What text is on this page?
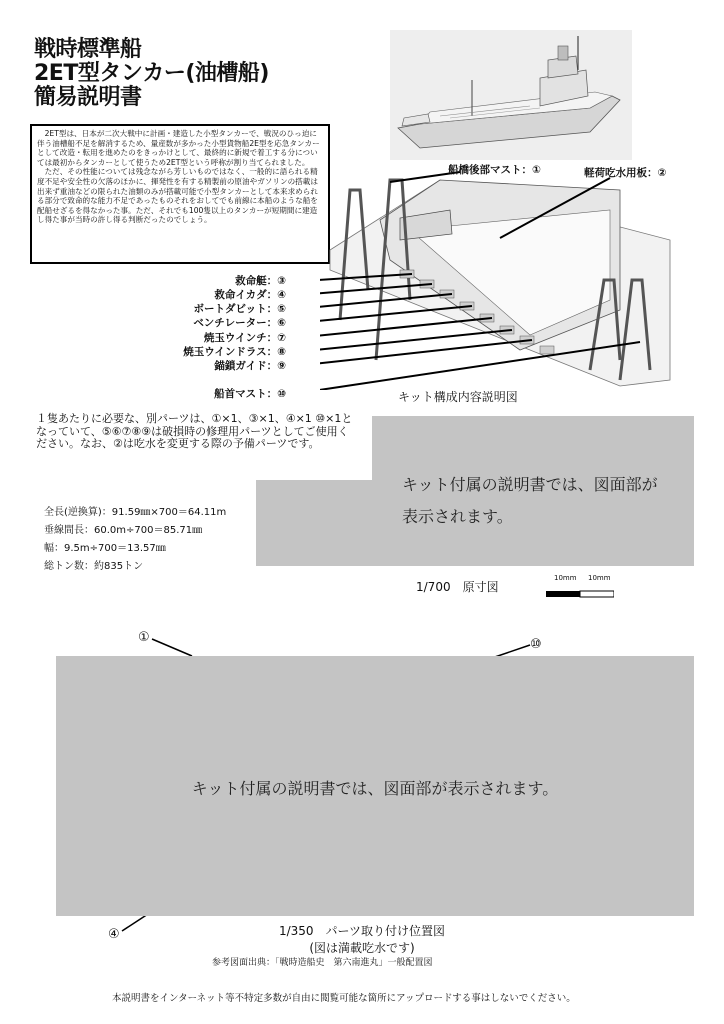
戦時標準船
2ET型タンカー(油槽船)
簡易説明書

2ET型は、日本が二次大戦中に計画・建造した小型タンカーで、戦況のひっ迫に伴う油槽船不足を解消するため、量産数が多かった小型貨物船2E型を応急タンカーとして改造・転用を進めたのをきっかけとして、最終的に新規で着工する分については最初からタンカーとして使うため2ET型という呼称が割り当てられました。

ただ、その性能については残念ながら芳しいものではなく、一般的に語られる精度不足や安全性の欠落のほかに、揮発性を有する精製前の原油やガソリンの搭載は出来ず重油などの限られた油類のみが搭載可能で小型タンカーとして本来求められる部分で致命的な能力不足であったものそれをおしてでも前線に本船のような船を配船せざるを得なかった事。ただ、それでも100隻以上のタンカーが短期間に建造し得た事が当時の許し得る判断だったのでしょう。

船橋後部マスト：①	軽荷吃水用板：②
救命艇：③
救命イカダ：④
ボートダビット：⑤
ベンチレーター：⑥
焼玉ウインチ：⑦
焼玉ウインドラス：⑧
錨鎖ガイド：⑨
船首マスト：⑩	キット構成内容説明図
１隻あたりに必要な、別パーツは、①×1、③×1、④×1 ⑩×1となっていて、⑤⑥⑦⑧⑨は破損時の修理用パーツとしてご使用ください。なお、②は吃水を変更する際の予備パーツです。
キット付属の説明書では、図面部が
表示されます。
全長(逆換算)：91.59㎜×700＝64.11m
垂線間長：60.0m÷700＝85.71㎜
幅：9.5m÷700＝13.57㎜
総トン数：約835トン
1/700　原寸図
10mm 10mm
①	⑩
④
キット付属の説明書では、図面部が表示されます。
1/350　パーツ取り付け位置図
(図は満載吃水です)
参考図面出典：「戦時造船史　第六南進丸」一般配置図
本説明書をインターネット等不特定多数が自由に閲覧可能な箇所にアップロードする事はしないでください。
